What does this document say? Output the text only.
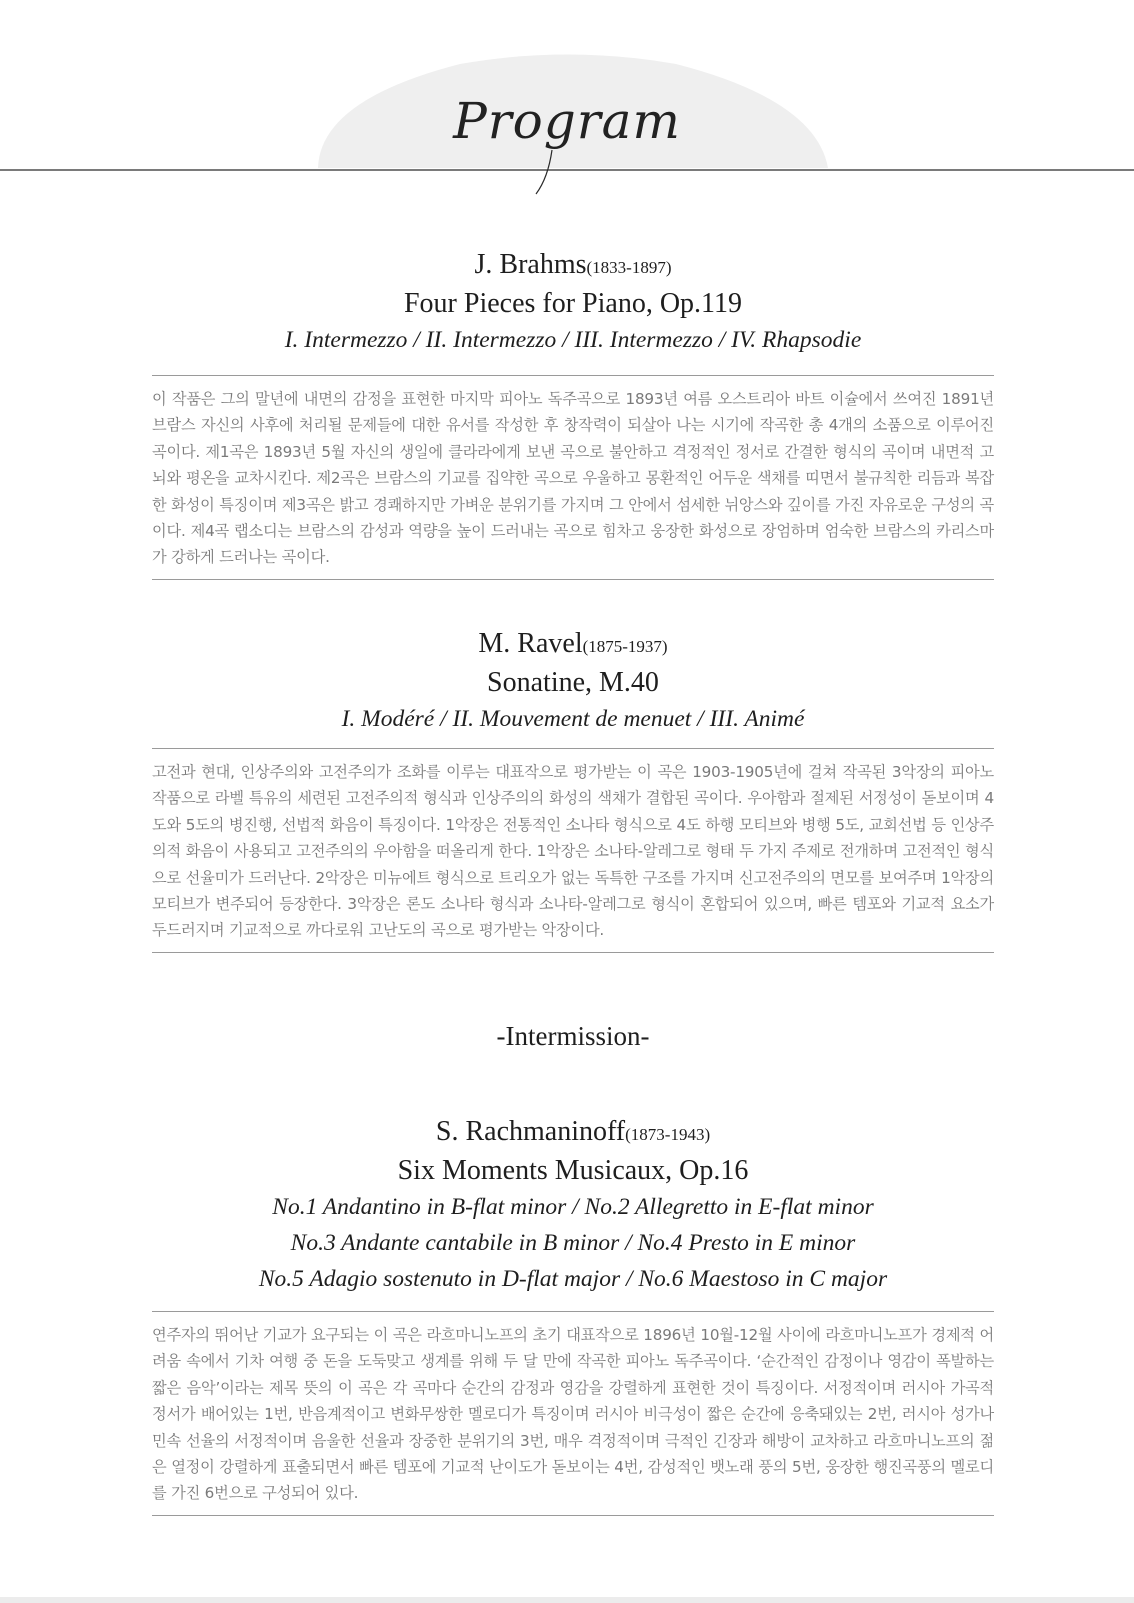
Program
J. Brahms(1833-1897)
Four Pieces for Piano, Op.119
I. Intermezzo / II. Intermezzo / III. Intermezzo / IV. Rhapsodie

이 작품은 그의 말년에 내면의 감정을 표현한 마지막 피아노 독주곡으로 1893년 여름 오스트리아 바트 이슐에서 쓰여진 1891년 브람스 자신의 사후에 처리될 문제들에 대한 유서를 작성한 후 창작력이 되살아 나는 시기에 작곡한 총 4개의 소품으로 이루어진 곡이다. 제1곡은 1893년 5월 자신의 생일에 클라라에게 보낸 곡으로 불안하고 격정적인 정서로 간결한 형식의 곡이며 내면적 고뇌와 평온을 교차시킨다. 제2곡은 브람스의 기교를 집약한 곡으로 우울하고 몽환적인 어두운 색채를 띠면서 불규칙한 리듬과 복잡한 화성이 특징이며 제3곡은 밝고 경쾌하지만 가벼운 분위기를 가지며 그 안에서 섬세한 뉘앙스와 깊이를 가진 자유로운 구성의 곡이다. 제4곡 랩소디는 브람스의 감성과 역량을 높이 드러내는 곡으로 힘차고 웅장한 화성으로 장엄하며 엄숙한 브람스의 카리스마가 강하게 드러나는 곡이다.

M. Ravel(1875-1937)
Sonatine, M.40
I. Modéré / II. Mouvement de menuet / III. Animé

고전과 현대, 인상주의와 고전주의가 조화를 이루는 대표작으로 평가받는 이 곡은 1903-1905년에 걸쳐 작곡된 3악장의 피아노 작품으로 라벨 특유의 세련된 고전주의적 형식과 인상주의의 화성의 색채가 결합된 곡이다. 우아함과 절제된 서정성이 돋보이며 4도와 5도의 병진행, 선법적 화음이 특징이다. 1악장은 전통적인 소나타 형식으로 4도 하행 모티브와 병행 5도, 교회선법 등 인상주의적 화음이 사용되고 고전주의의 우아함을 떠올리게 한다. 1악장은 소나타-알레그로 형태 두 가지 주제로 전개하며 고전적인 형식으로 선율미가 드러난다. 2악장은 미뉴에트 형식으로 트리오가 없는 독특한 구조를 가지며 신고전주의의 면모를 보여주며 1악장의 모티브가 변주되어 등장한다. 3악장은 론도 소나타 형식과 소나타-알레그로 형식이 혼합되어 있으며, 빠른 템포와 기교적 요소가 두드러지며 기교적으로 까다로워 고난도의 곡으로 평가받는 악장이다.

-Intermission-
S. Rachmaninoff(1873-1943)
Six Moments Musicaux, Op.16
No.1 Andantino in B-flat minor / No.2 Allegretto in E-flat minor
No.3 Andante cantabile in B minor / No.4 Presto in E minor
No.5 Adagio sostenuto in D-flat major / No.6 Maestoso in C major

연주자의 뛰어난 기교가 요구되는 이 곡은 라흐마니노프의 초기 대표작으로 1896년 10월-12월 사이에 라흐마니노프가 경제적 어려움 속에서 기차 여행 중 돈을 도둑맞고 생계를 위해 두 달 만에 작곡한 피아노 독주곡이다. ‘순간적인 감정이나 영감이 폭발하는 짧은 음악’이라는 제목 뜻의 이 곡은 각 곡마다 순간의 감정과 영감을 강렬하게 표현한 것이 특징이다. 서정적이며 러시아 가곡적 정서가 배어있는 1번, 반음계적이고 변화무쌍한 멜로디가 특징이며 러시아 비극성이 짧은 순간에 응축돼있는 2번, 러시아 성가나 민속 선율의 서정적이며 음울한 선율과 장중한 분위기의 3번, 매우 격정적이며 극적인 긴장과 해방이 교차하고 라흐마니노프의 젊은 열정이 강렬하게 표출되면서 빠른 템포에 기교적 난이도가 돋보이는 4번, 감성적인 뱃노래 풍의 5번, 웅장한 행진곡풍의 멜로디를 가진 6번으로 구성되어 있다.
